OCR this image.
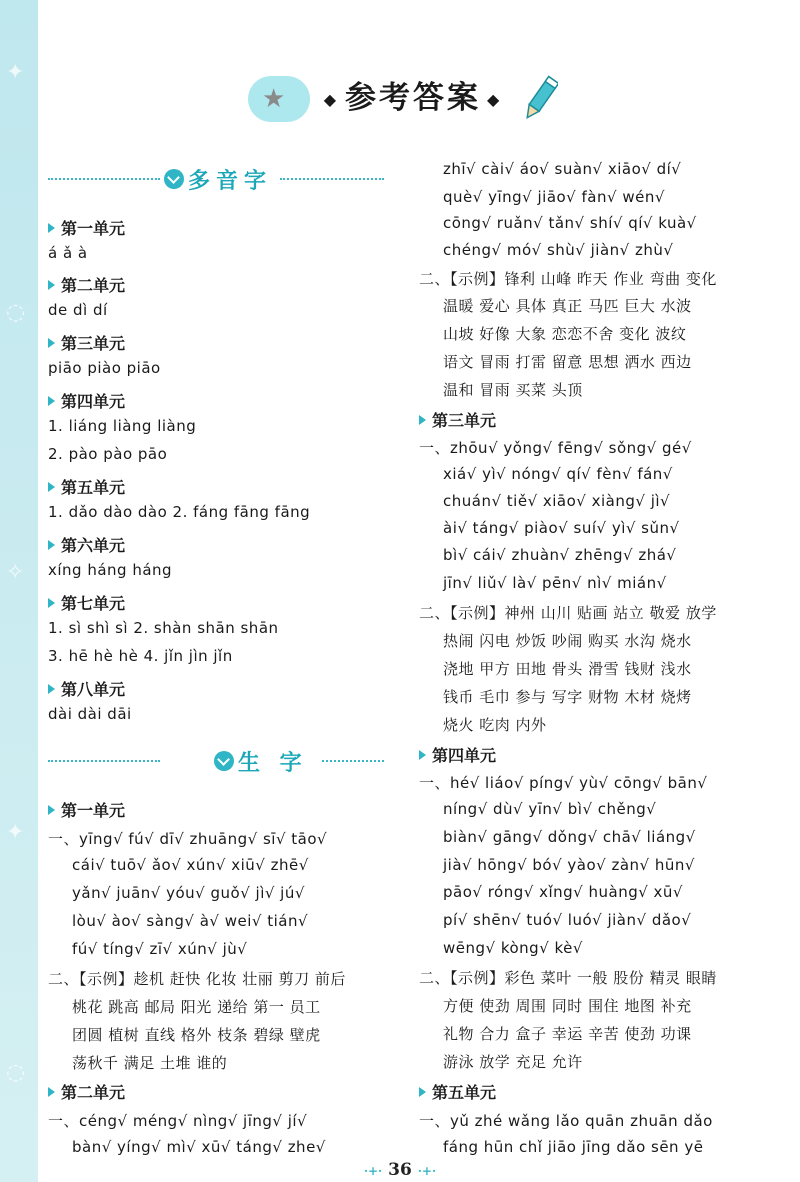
✦
◌
✧
✦
◌
★	◆ 参考答案 ◆
多音字
第一单元
á ǎ à
第二单元
de dì dí
第三单元
piāo piào piāo
第四单元
1. liáng liàng liàng
2. pào pào pāo
第五单元
1. dǎo dào dào 2. fáng fāng fāng
第六单元
xíng háng háng
第七单元
1. sì shì sì 2. shàn shān shān
3. hē hè hè 4. jǐn jìn jǐn
第八单元
dài dài dāi
生 字
第一单元
一、yīng√ fú√ dī√ zhuāng√ sī√ tāo√
cái√ tuō√ ǎo√ xún√ xiū√ zhē√
yǎn√ juān√ yóu√ guǒ√ jì√ jú√
lòu√ ào√ sàng√ à√ wei√ tián√
fú√ tíng√ zī√ xún√ jù√
二、【示例】趁机 赶快 化妆 壮丽 剪刀 前后
桃花 跳高 邮局 阳光 递给 第一 员工
团圆 植树 直线 格外 枝条 碧绿 壁虎
荡秋千 满足 土堆 谁的
第二单元
一、céng√ méng√ nìng√ jīng√ jí√
bàn√ yíng√ mì√ xū√ táng√ zhe√
zhī√ cài√ áo√ suàn√ xiāo√ dí√
què√ yīng√ jiāo√ fàn√ wén√
cōng√ ruǎn√ tǎn√ shí√ qí√ kuà√
chéng√ mó√ shù√ jiàn√ zhù√
二、【示例】锋利 山峰 昨天 作业 弯曲 变化
温暖 爱心 具体 真正 马匹 巨大 水波
山坡 好像 大象 恋恋不舍 变化 波纹
语文 冒雨 打雷 留意 思想 洒水 西边
温和 冒雨 买菜 头顶
第三单元
一、zhōu√ yǒng√ fēng√ sǒng√ gé√
xiá√ yì√ nóng√ qí√ fèn√ fán√
chuán√ tiě√ xiāo√ xiàng√ jì√
ài√ táng√ piào√ suí√ yì√ sǔn√
bì√ cái√ zhuàn√ zhēng√ zhá√
jīn√ liǔ√ là√ pēn√ nì√ mián√
二、【示例】神州 山川 贴画 站立 敬爱 放学
热闹 闪电 炒饭 吵闹 购买 水沟 烧水
浇地 甲方 田地 骨头 滑雪 钱财 浅水
钱币 毛巾 参与 写字 财物 木材 烧烤
烧火 吃肉 内外
第四单元
一、hé√ liáo√ píng√ yù√ cōng√ bān√
níng√ dù√ yīn√ bì√ chěng√
biàn√ gāng√ dǒng√ chā√ liáng√
jià√ hōng√ bó√ yào√ zàn√ hūn√
pāo√ róng√ xǐng√ huàng√ xū√
pí√ shēn√ tuó√ luó√ jiàn√ dǎo√
wēng√ kòng√ kè√
二、【示例】彩色 菜叶 一般 股份 精灵 眼睛
方便 使劲 周围 同时 围住 地图 补充
礼物 合力 盒子 幸运 辛苦 使劲 功课
游泳 放学 充足 允许
第五单元
一、yǔ zhé wǎng lǎo quān zhuān dǎo
fáng hūn chǐ jiāo jīng dǎo sēn yē
·+· 36 ·+·
